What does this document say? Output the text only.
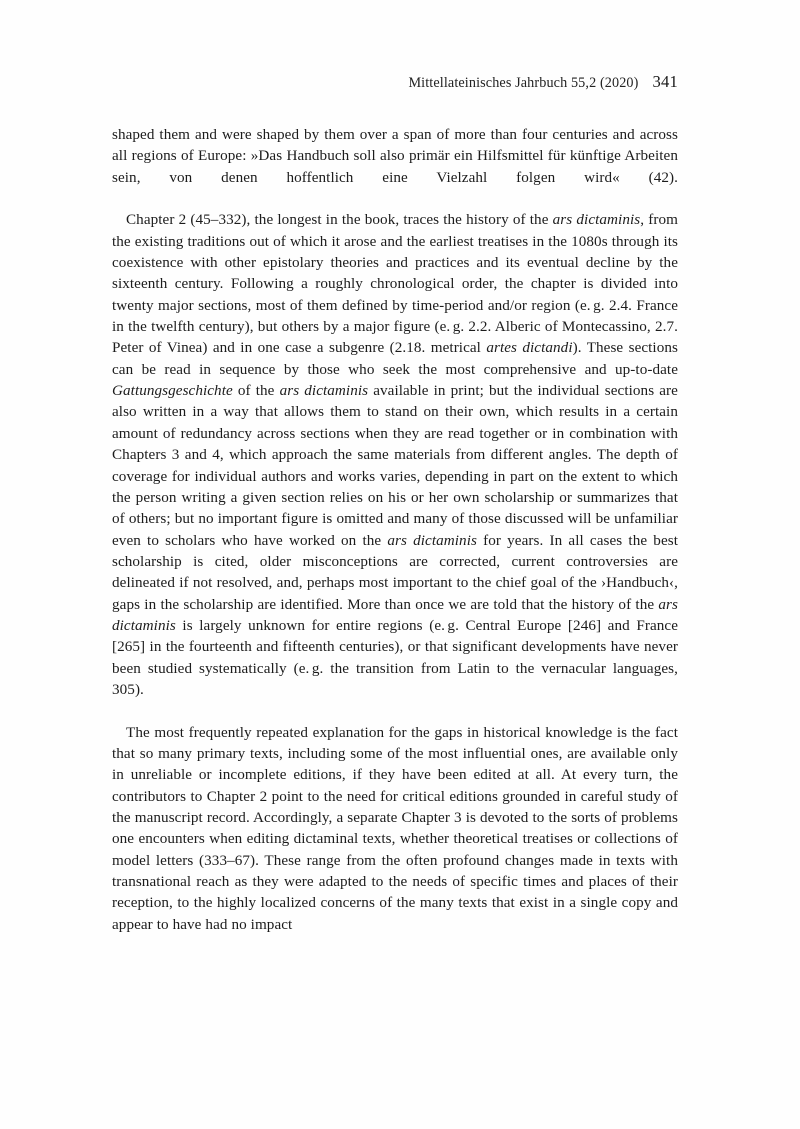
Mittellateinisches Jahrbuch 55,2 (2020) 341

shaped them and were shaped by them over a span of more than four centuries and across all regions of Europe: »Das Handbuch soll also primär ein Hilfsmittel für künftige Arbeiten sein, von denen hoffentlich eine Vielzahl folgen wird« (42).

Chapter 2 (45–332), the longest in the book, traces the history of the ars dictaminis, from the existing traditions out of which it arose and the earliest treatises in the 1080s through its coexistence with other epistolary theories and practices and its eventual decline by the sixteenth century. Following a roughly chronological order, the chapter is divided into twenty major sections, most of them defined by time-period and/or region (e. g. 2.4. France in the twelfth century), but others by a major figure (e. g. 2.2. Alberic of Montecassino, 2.7. Peter of Vinea) and in one case a subgenre (2.18. metrical artes dictandi). These sections can be read in sequence by those who seek the most comprehensive and up-to-date Gattungsgeschichte of the ars dictaminis available in print; but the individual sections are also written in a way that allows them to stand on their own, which results in a certain amount of redundancy across sections when they are read together or in combination with Chapters 3 and 4, which approach the same materials from different angles. The depth of coverage for individual authors and works varies, depending in part on the extent to which the person writing a given section relies on his or her own scholarship or summarizes that of others; but no important figure is omitted and many of those discussed will be unfamiliar even to scholars who have worked on the ars dictaminis for years. In all cases the best scholarship is cited, older misconceptions are corrected, current controversies are delineated if not resolved, and, perhaps most important to the chief goal of the ›Handbuch‹, gaps in the scholarship are identified. More than once we are told that the history of the ars dictaminis is largely unknown for entire regions (e. g. Central Europe [246] and France [265] in the fourteenth and fifteenth centuries), or that significant developments have never been studied systematically (e. g. the transition from Latin to the vernacular languages, 305).

The most frequently repeated explanation for the gaps in historical knowledge is the fact that so many primary texts, including some of the most influential ones, are available only in unreliable or incomplete editions, if they have been edited at all. At every turn, the contributors to Chapter 2 point to the need for critical editions grounded in careful study of the manuscript record. Accordingly, a separate Chapter 3 is devoted to the sorts of problems one encounters when editing dictaminal texts, whether theoretical treatises or collections of model letters (333–67). These range from the often profound changes made in texts with transnational reach as they were adapted to the needs of specific times and places of their reception, to the highly localized concerns of the many texts that exist in a single copy and appear to have had no impact
